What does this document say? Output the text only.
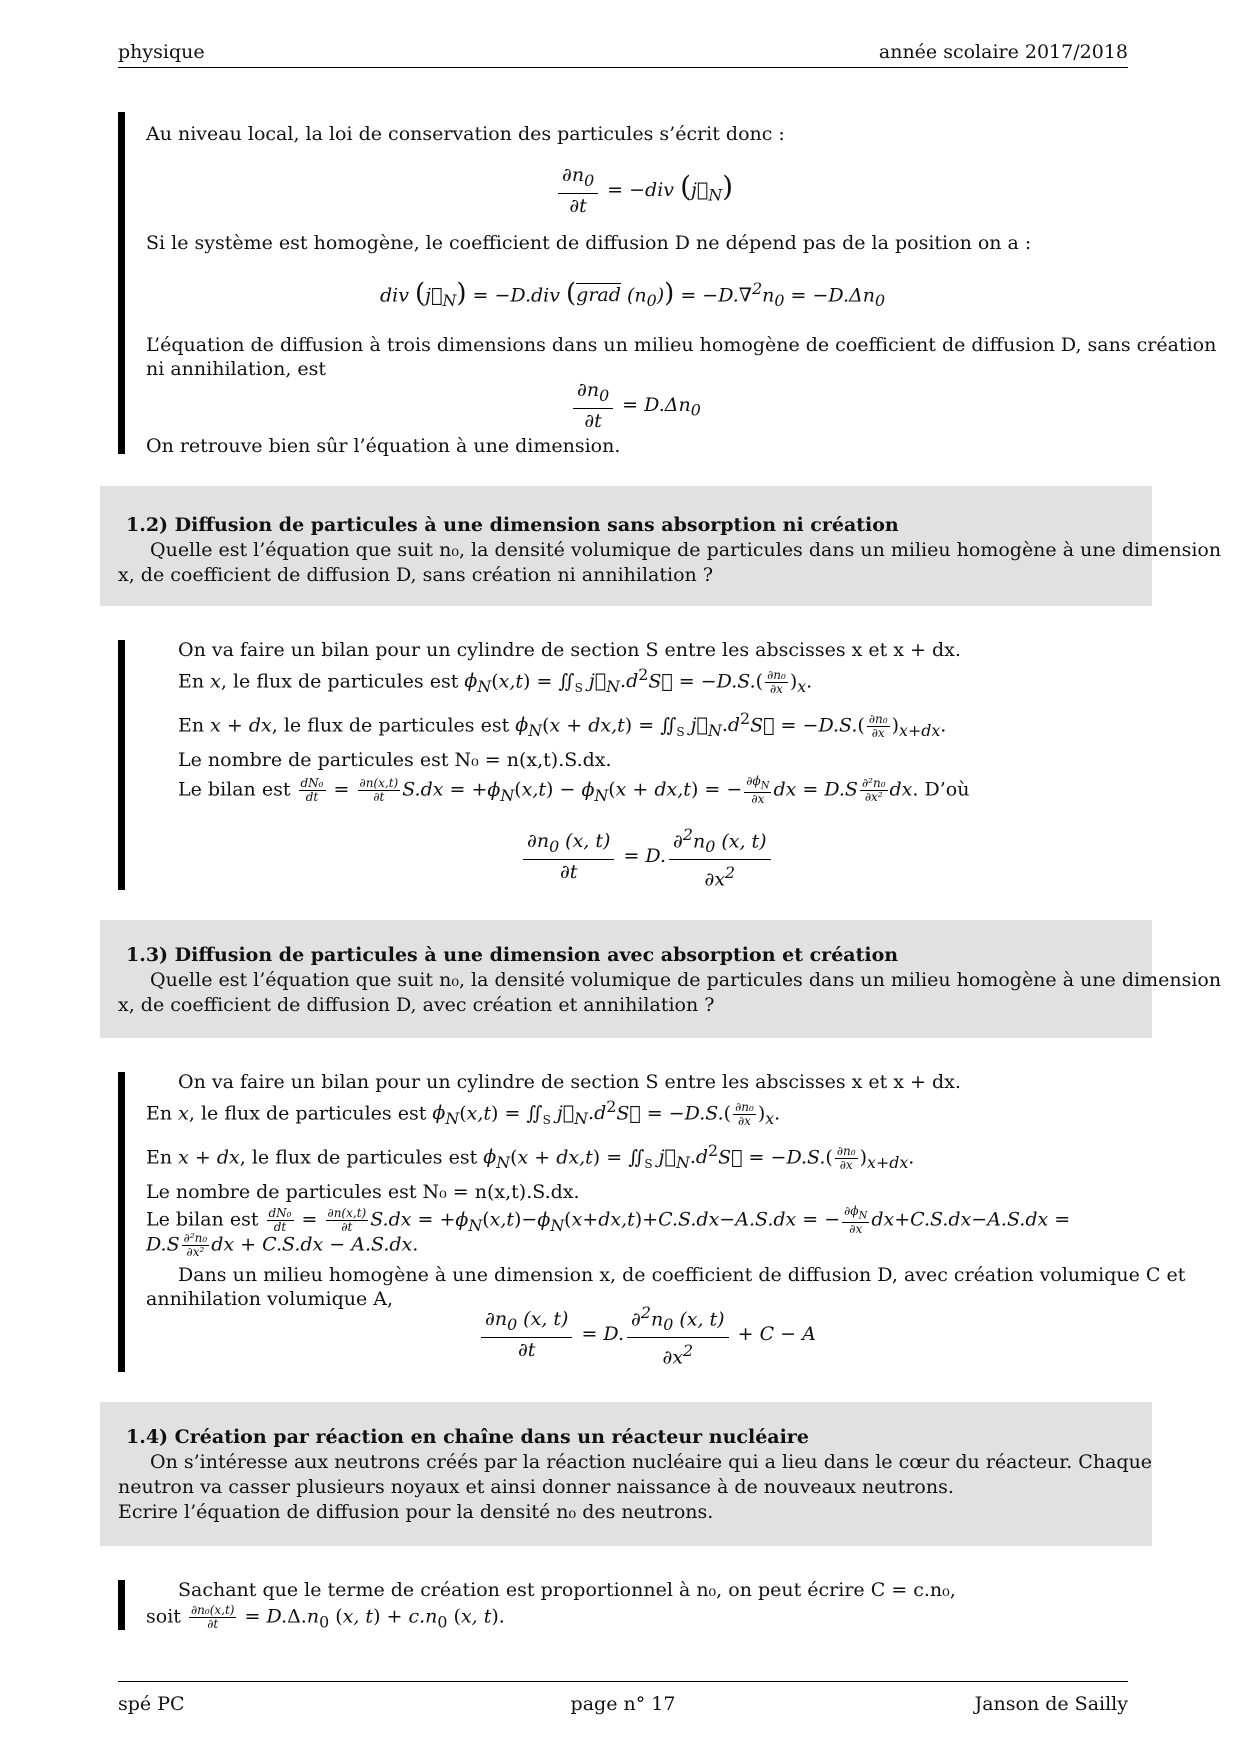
physique	année scolaire 2017/2018
Au niveau local, la loi de conservation des particules s’écrit donc :
$\frac{\partial n_0}{\partial t} = -div$ $(j⃗_N)$
Si le système est homogène, le coefficient de diffusion D ne dépend pas de la position on a :
div $(j⃗_N) = -D.div$ (grad $(n_0)) = -D.\nabla^2n_0 = -D.\Delta n_0$
L’équation de diffusion à trois dimensions dans un milieu homogène de coefficient de diffusion D, sans création
ni annihilation, est
$\frac{\partial n_0}{\partial t} = D.\Delta n_0$
On retrouve bien sûr l’équation à une dimension.
1.2) Diffusion de particules à une dimension sans absorption ni création
Quelle est l’équation que suit n₀, la densité volumique de particules dans un milieu homogène à une dimension
x, de coefficient de diffusion D, sans création ni annihilation ?
On va faire un bilan pour un cylindre de section S entre les abscisses x et x + dx.
En x, le flux de particules est $\phi_N(x,t)$ = $∬_S$ $j⃗_N.d^2S⃗ = -D.S.( \frac{\text{∂n₀}}{\partial x} )_x$.
En x + dx, le flux de particules est $\phi_N(x + dx,t)$ = $∬_S$ $j⃗_N.d^2S⃗ = -D.S.( \frac{\text{∂n₀}}{\partial x} )_{x+dx}$.
Le nombre de particules est N₀ = n(x,t).S.dx.
Le bilan est $\frac{\text{dN₀}}{dt} = \frac{\partial n(x,t)}{\partial t} S.dx = +\phi_N(x,t) - \phi_N(x + dx,t)$ = − $\frac{\partial\phi_N}{\partial x}$ dx = $D.S \frac{\text{∂²n₀}}{\text{∂x²}}$ dx. D’où
$\frac{\partial n_0 (x, t)}{\partial t} = D$. $\frac{\partial^2n_0 (x, t)}{\partial x^2}$
1.3) Diffusion de particules à une dimension avec absorption et création
Quelle est l’équation que suit n₀, la densité volumique de particules dans un milieu homogène à une dimension
x, de coefficient de diffusion D, avec création et annihilation ?
On va faire un bilan pour un cylindre de section S entre les abscisses x et x + dx.
En x, le flux de particules est $\phi_N(x,t)$ = $∬_S$ $j⃗_N.d^2S⃗ = -D.S.( \frac{\text{∂n₀}}{\partial x} )_x$.
En x + dx, le flux de particules est $\phi_N(x + dx,t)$ = $∬_S$ $j⃗_N.d^2S⃗ = -D.S.( \frac{\text{∂n₀}}{\partial x} )_{x+dx}$.
Le nombre de particules est N₀ = n(x,t).S.dx.
Le bilan est $\frac{\text{dN₀}}{dt} = \frac{\partial n(x,t)}{\partial t} S.dx = +\phi_N(x,t)-\phi_N(x+dx,t)+C.S.dx-A.S.dx$ = − $\frac{\partial\phi_N}{\partial x} dx+C.S.dx-A.S.dx$ =
$D.S \frac{\text{∂²n₀}}{\text{∂x²}}$ dx + C.S.dx − A.S.dx.
Dans un milieu homogène à une dimension x, de coefficient de diffusion D, avec création volumique C et
annihilation volumique A,
$\frac{\partial n_0 (x, t)}{\partial t} = D$. $\frac{\partial^2n_0 (x, t)}{\partial x^2} + C - A$
1.4) Création par réaction en chaîne dans un réacteur nucléaire
On s’intéresse aux neutrons créés par la réaction nucléaire qui a lieu dans le cœur du réacteur. Chaque
neutron va casser plusieurs noyaux et ainsi donner naissance à de nouveaux neutrons.
Ecrire l’équation de diffusion pour la densité n₀ des neutrons.
Sachant que le terme de création est proportionnel à n₀, on peut écrire C = c.n₀,
soit $\frac{\text{∂n₀(x,t)}}{\partial t} = D.\Delta.n_0$ (x, $t) + c.n_0$ (x, t).
spé PC	page n° 17	Janson de Sailly
